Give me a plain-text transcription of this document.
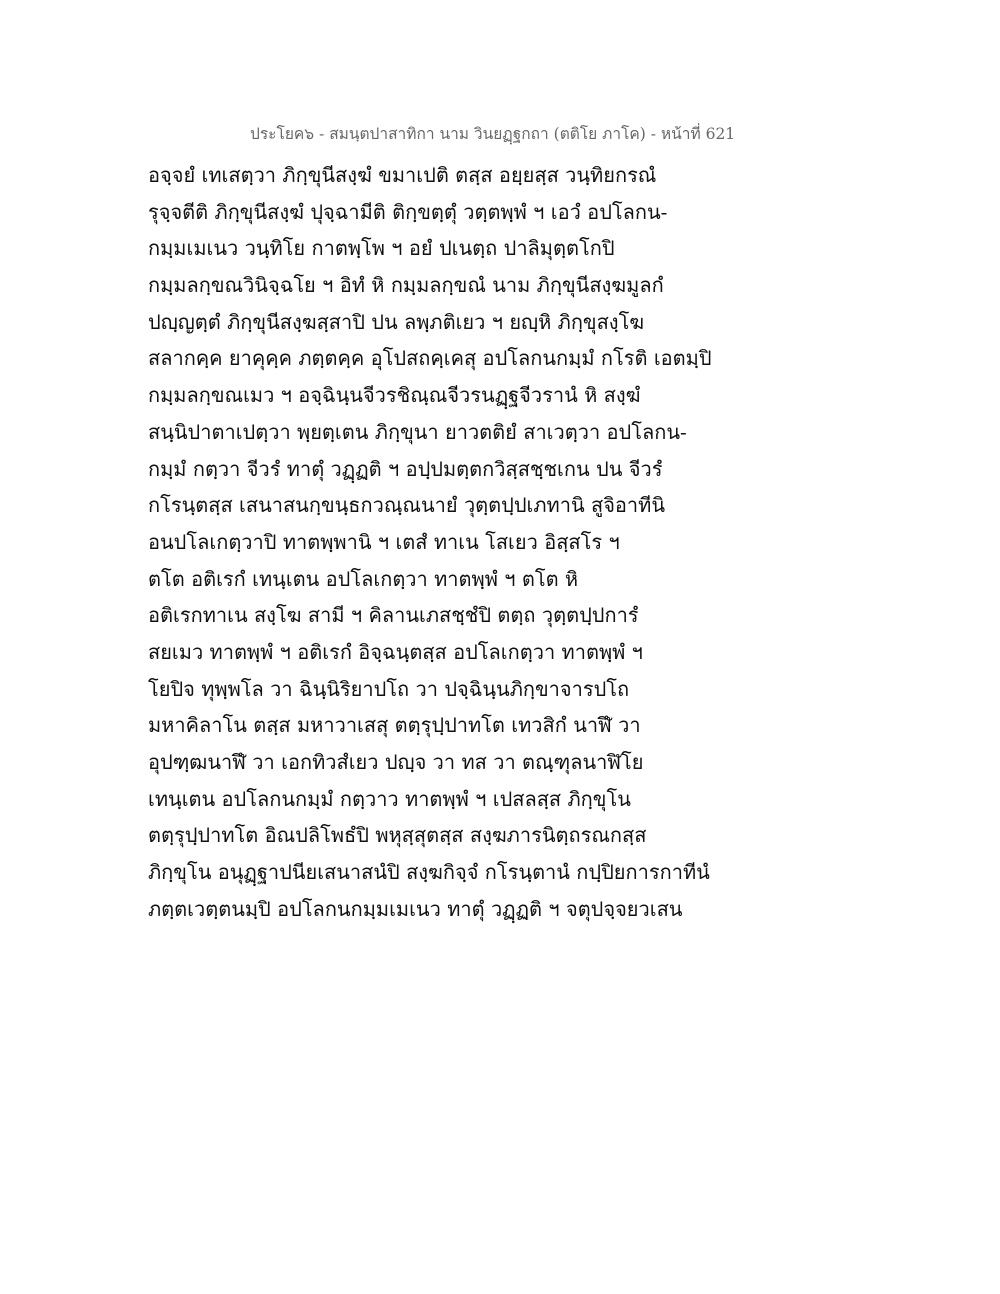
ประโยค๖ - สมนฺตปาสาทิกา นาม วินยฏฺฐกถา (ตติโย ภาโค) - หน้าที่ 621
อจฺจยํ เทเสตฺวา ภิกฺขุนีสงฺฆํ ขมาเปติ ตสฺส อยฺยสฺส วนฺทิยกรณํ
รุจฺจตีติ ภิกฺขุนีสงฺฆํ ปุจฺฉามีติ ติกฺขตฺตุํ วตฺตพฺพํ ฯ เอวํ อปโลกน-
กมฺมเมเนว วนฺทิโย กาตพฺโพ ฯ อยํ ปเนตฺถ ปาลิมุตฺตโกปิ
กมฺมลกฺขณวินิจฺฉโย ฯ อิทํ หิ กมฺมลกฺขณํ นาม ภิกฺขุนีสงฺฆมูลกํ
ปญฺญตฺตํ ภิกฺขุนีสงฺฆสฺสาปิ ปน ลพฺภติเยว ฯ ยญฺหิ ภิกฺขุสงฺโฆ
สลากคฺค ยาคุคฺค ภตฺตคฺค อุโปสถคฺเคสุ อปโลกนกมฺมํ กโรติ เอตมฺปิ
กมฺมลกฺขณเมว ฯ อจฺฉินฺนจีวรชิณฺณจีวรนฏฺฐจีวรานํ หิ สงฺฆํ
สนฺนิปาตาเปตฺวา พฺยตฺเตน ภิกฺขุนา ยาวตติยํ สาเวตฺวา อปโลกน-
กมฺมํ กตฺวา จีวรํ ทาตุํ วฏฺฏติ ฯ อปฺปมตฺตกวิสฺสชฺชเกน ปน จีวรํ
กโรนฺตสฺส เสนาสนกฺขนฺธกวณฺณนายํ วุตฺตปฺปเภทานิ สูจิอาทีนิ
อนปโลเกตฺวาปิ ทาตพฺพานิ ฯ เตสํ ทาเน โสเยว อิสฺสโร ฯ
ตโต อติเรกํ เทนฺเตน อปโลเกตฺวา ทาตพฺพํ ฯ ตโต หิ
อติเรกทาเน สงฺโฆ สามี ฯ คิลานเภสชฺชํปิ ตตฺถ วุตฺตปฺปการํ
สยเมว ทาตพฺพํ ฯ อติเรกํ อิจฺฉนฺตสฺส อปโลเกตฺวา ทาตพฺพํ ฯ
โยปิจ ทุพฺพโล วา ฉินฺนิริยาปโถ วา ปจฺฉินฺนภิกฺขาจารปโถ
มหาคิลาโน ตสฺส มหาวาเสสุ ตตฺรุปฺปาทโต เทวสิกํ นาฬึ วา
อุปฑฺฒนาฬึ วา เอกทิวสํเยว ปญฺจ วา ทส วา ตณฺฑุลนาฬิโย
เทนฺเตน อปโลกนกมฺมํ กตฺวาว ทาตพฺพํ ฯ เปสลสฺส ภิกฺขุโน
ตตฺรุปฺปาทโต อิณปลิโพธํปิ พหุสฺสุตสฺส สงฺฆภารนิตฺถรณกสฺส
ภิกฺขุโน อนุฏฺฐาปนียเสนาสนํปิ สงฺฆกิจฺจํ กโรนฺตานํ กปฺปิยการกาทีนํ
ภตฺตเวตฺตนมฺปิ อปโลกนกมฺมเมเนว ทาตุํ วฏฺฏติ ฯ จตุปจฺจยวเสน
